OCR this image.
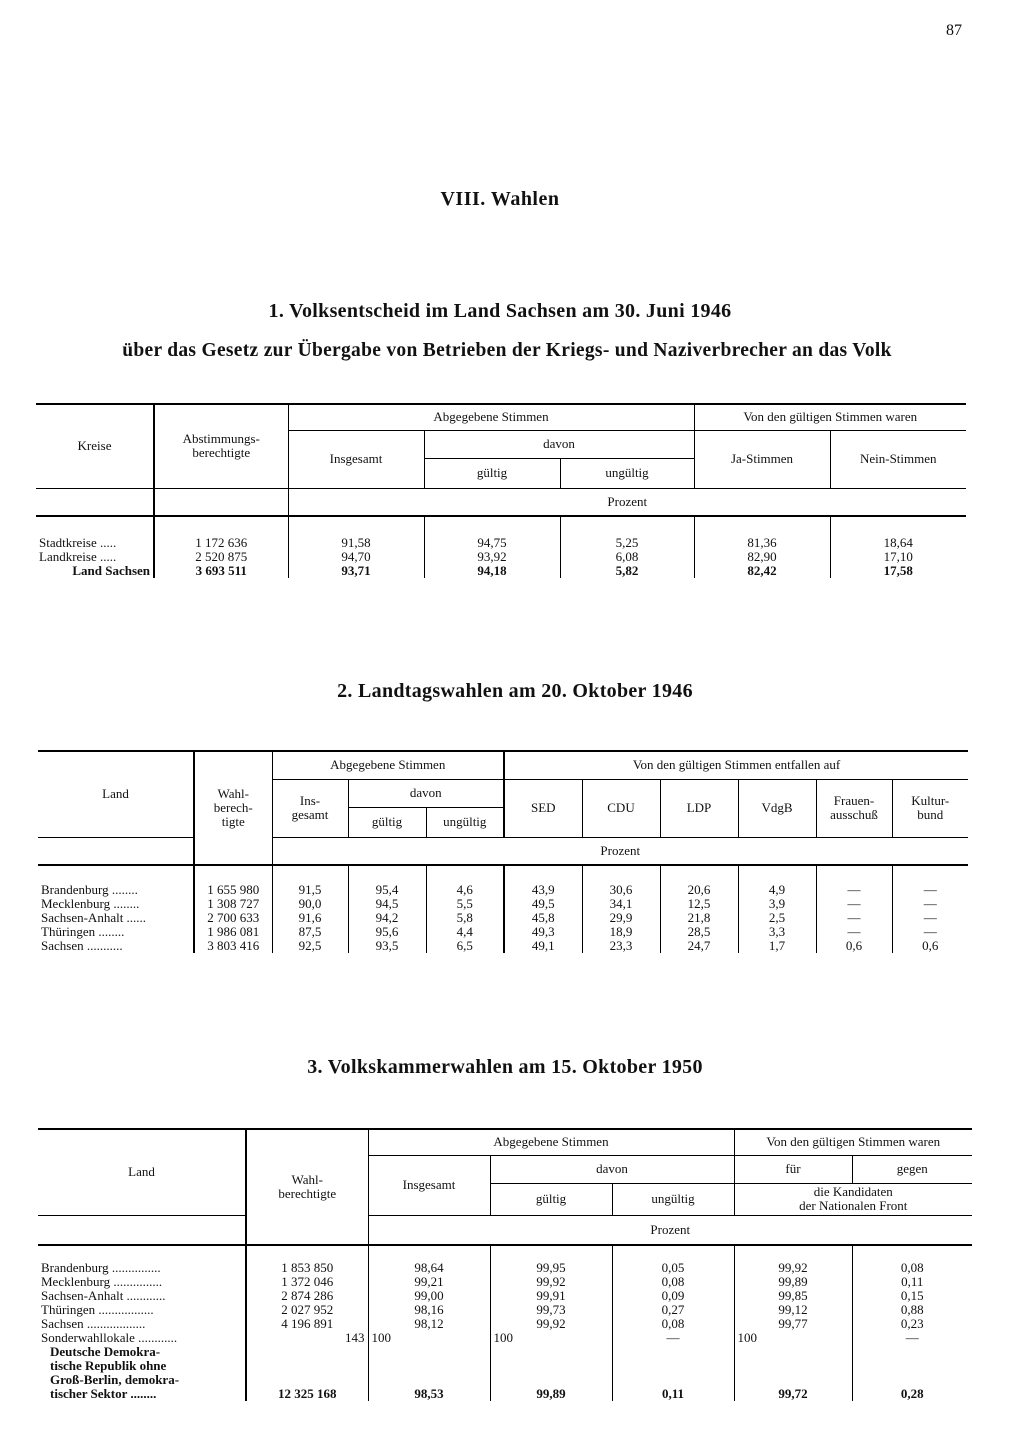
87
VIII. Wahlen
1. Volksentscheid im Land Sachsen am 30. Juni 1946
über das Gesetz zur Übergabe von Betrieben der Kriegs- und Naziverbrecher an das Volk
Kreise	Abstimmungs-
berechtigte	Abgegebene Stimmen			Von den gültigen Stimmen waren	
		Insgesamt	davon		Ja-Stimmen	Nein-Stimmen
			gültig	ungültig		
		Prozent				

Stadtkreise .....	1 172 636	91,58	94,75	5,25	81,36	18,64
Landkreise .....	2 520 875	94,70	93,92	6,08	82,90	17,10
Land Sachsen	3 693 511	93,71	94,18	5,82	82,42	17,58
2. Landtagswahlen am 20. Oktober 1946
Land	Wahl-
berech-
tigte	Abgegebene Stimmen			Von den gültigen Stimmen entfallen auf					
		Ins-
gesamt	davon		SED	CDU	LDP	VdgB	Frauen-
ausschuß	Kultur-
bund
			gültig	ungültig						
		Prozent								

Brandenburg ........	1 655 980	91,5	95,4	4,6	43,9	30,6	20,6	4,9	—	—
Mecklenburg ........	1 308 727	90,0	94,5	5,5	49,5	34,1	12,5	3,9	—	—
Sachsen-Anhalt ......	2 700 633	91,6	94,2	5,8	45,8	29,9	21,8	2,5	—	—
Thüringen ........	1 986 081	87,5	95,6	4,4	49,3	18,9	28,5	3,3	—	—
Sachsen ...........	3 803 416	92,5	93,5	6,5	49,1	23,3	24,7	1,7	0,6	0,6
3. Volkskammerwahlen am 15. Oktober 1950
Land	Wahl-
berechtigte	Abgegebene Stimmen			Von den gültigen Stimmen waren	
		Insgesamt	davon		für	gegen
			gültig	ungültig	die Kandidaten
der Nationalen Front	
		Prozent				

Brandenburg ...............	1 853 850	98,64	99,95	0,05	99,92	0,08
Mecklenburg ...............	1 372 046	99,21	99,92	0,08	99,89	0,11
Sachsen-Anhalt ............	2 874 286	99,00	99,91	0,09	99,85	0,15
Thüringen .................	2 027 952	98,16	99,73	0,27	99,12	0,88
Sachsen ..................	4 196 891	98,12	99,92	0,08	99,77	0,23
Sonderwahllokale ............	143	100	100	—	100	—

Deutsche Demokra-
tische Republik ohne
Groß-Berlin, demokra-
tischer Sektor ........	12 325 168	98,53	99,89	0,11	99,72	0,28
